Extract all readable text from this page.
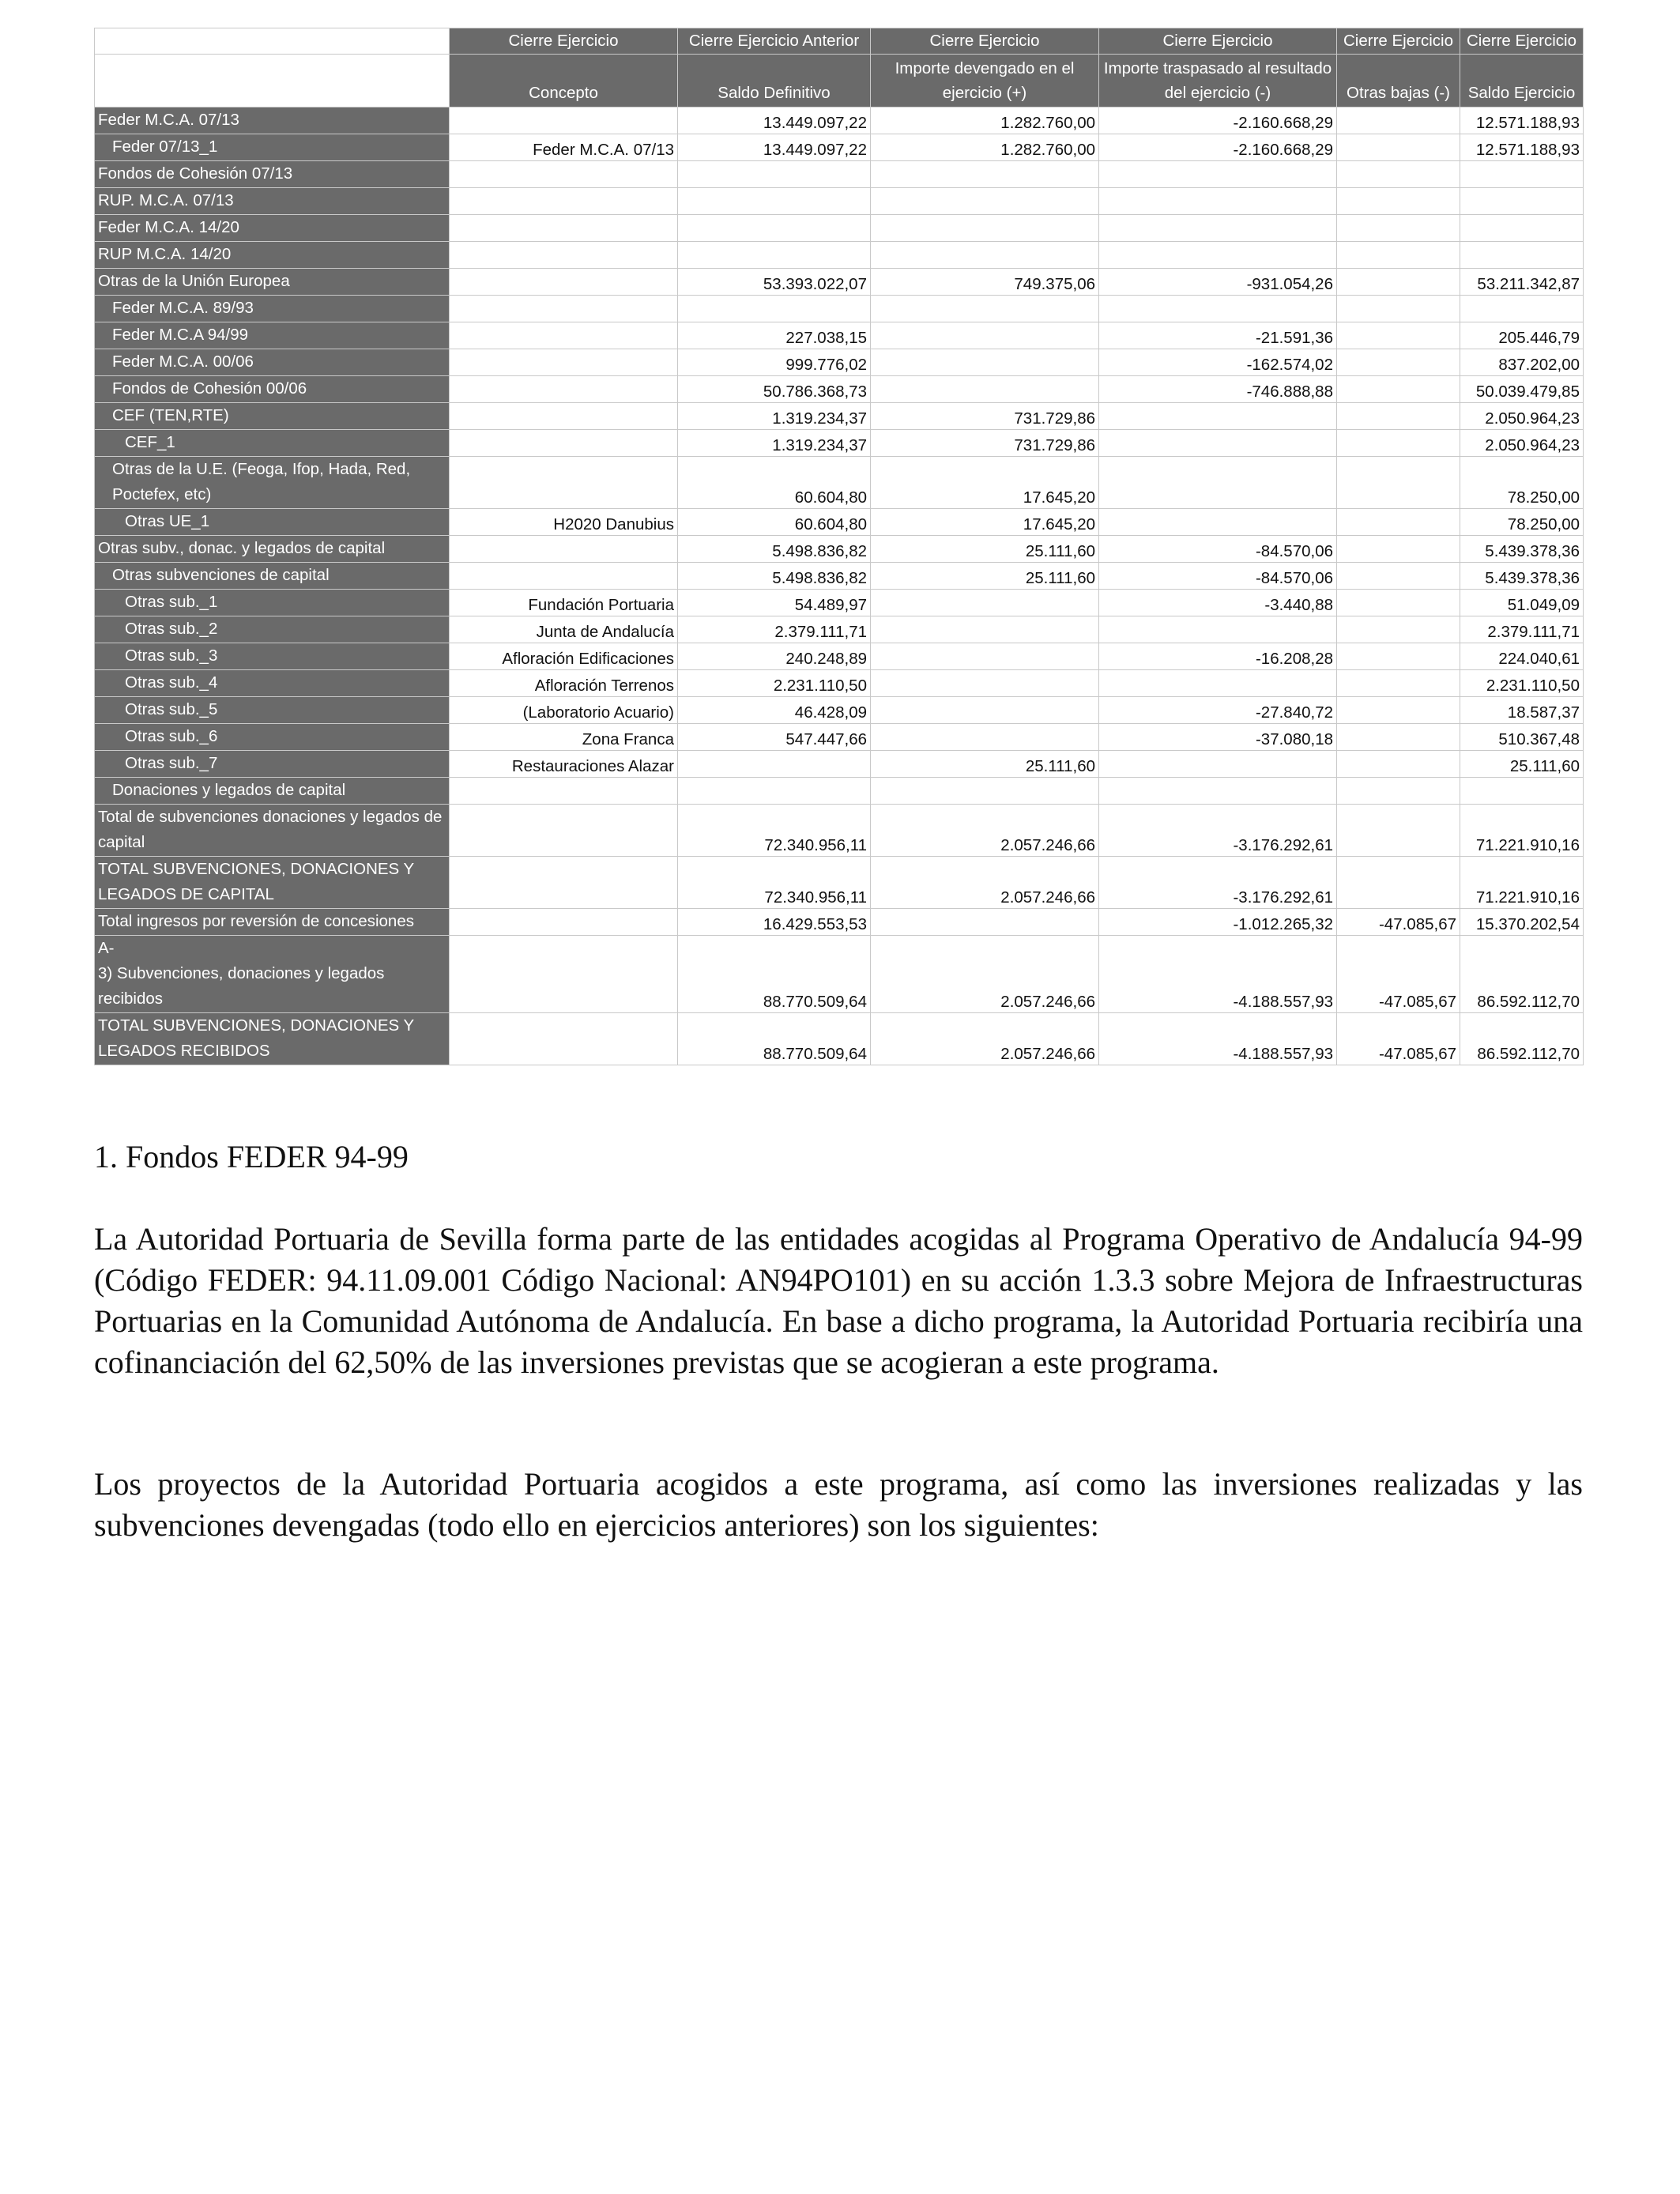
	Cierre Ejercicio	Cierre Ejercicio Anterior	Cierre Ejercicio	Cierre Ejercicio	Cierre Ejercicio	Cierre Ejercicio
	Concepto	Saldo Definitivo	Importe devengado en el ejercicio (+)	Importe traspasado al resultado del ejercicio (-)	Otras bajas (-)	Saldo Ejercicio
Feder M.C.A. 07/13		13.449.097,22	1.282.760,00	-2.160.668,29		12.571.188,93
Feder 07/13_1	Feder M.C.A. 07/13	13.449.097,22	1.282.760,00	-2.160.668,29		12.571.188,93
Fondos de Cohesión 07/13						
RUP. M.C.A. 07/13						
Feder M.C.A. 14/20						
RUP M.C.A. 14/20						
Otras de la Unión Europea		53.393.022,07	749.375,06	-931.054,26		53.211.342,87
Feder M.C.A. 89/93						
Feder M.C.A 94/99		227.038,15		-21.591,36		205.446,79
Feder M.C.A. 00/06		999.776,02		-162.574,02		837.202,00
Fondos de Cohesión 00/06		50.786.368,73		-746.888,88		50.039.479,85
CEF (TEN,RTE)		1.319.234,37	731.729,86			2.050.964,23
CEF_1		1.319.234,37	731.729,86			2.050.964,23
Otras de la U.E. (Feoga, Ifop, Hada, Red, Poctefex, etc)		60.604,80	17.645,20			78.250,00
Otras UE_1	H2020 Danubius	60.604,80	17.645,20			78.250,00
Otras subv., donac. y legados de capital		5.498.836,82	25.111,60	-84.570,06		5.439.378,36
Otras subvenciones de capital		5.498.836,82	25.111,60	-84.570,06		5.439.378,36
Otras sub._1	Fundación Portuaria	54.489,97		-3.440,88		51.049,09
Otras sub._2	Junta de Andalucía	2.379.111,71				2.379.111,71
Otras sub._3	Afloración Edificaciones	240.248,89		-16.208,28		224.040,61
Otras sub._4	Afloración Terrenos	2.231.110,50				2.231.110,50
Otras sub._5	(Laboratorio Acuario)	46.428,09		-27.840,72		18.587,37
Otras sub._6	Zona Franca	547.447,66		-37.080,18		510.367,48
Otras sub._7	Restauraciones Alazar		25.111,60			25.111,60
Donaciones y legados de capital						
Total de subvenciones donaciones y legados de capital		72.340.956,11	2.057.246,66	-3.176.292,61		71.221.910,16
TOTAL SUBVENCIONES, DONACIONES Y LEGADOS DE CAPITAL		72.340.956,11	2.057.246,66	-3.176.292,61		71.221.910,16
Total ingresos por reversión de concesiones		16.429.553,53		-1.012.265,32	-47.085,67	15.370.202,54
A-
3) Subvenciones, donaciones y legados recibidos		88.770.509,64	2.057.246,66	-4.188.557,93	-47.085,67	86.592.112,70
TOTAL SUBVENCIONES, DONACIONES Y LEGADOS RECIBIDOS		88.770.509,64	2.057.246,66	-4.188.557,93	-47.085,67	86.592.112,70
1. Fondos FEDER 94-99

La Autoridad Portuaria de Sevilla forma parte de las entidades acogidas al Programa Operativo de Andalucía 94-99 (Código FEDER: 94.11.09.001 Código Nacional: AN94PO101) en su acción 1.3.3 sobre Mejora de Infraestructuras Portuarias en la Comunidad Autónoma de Andalucía. En base a dicho programa, la Autoridad Portuaria recibiría una cofinanciación del 62,50% de las inversiones previstas que se acogieran a este programa.

Los proyectos de la Autoridad Portuaria acogidos a este programa, así como las inversiones realizadas y las subvenciones devengadas (todo ello en ejercicios anteriores) son los siguientes:
